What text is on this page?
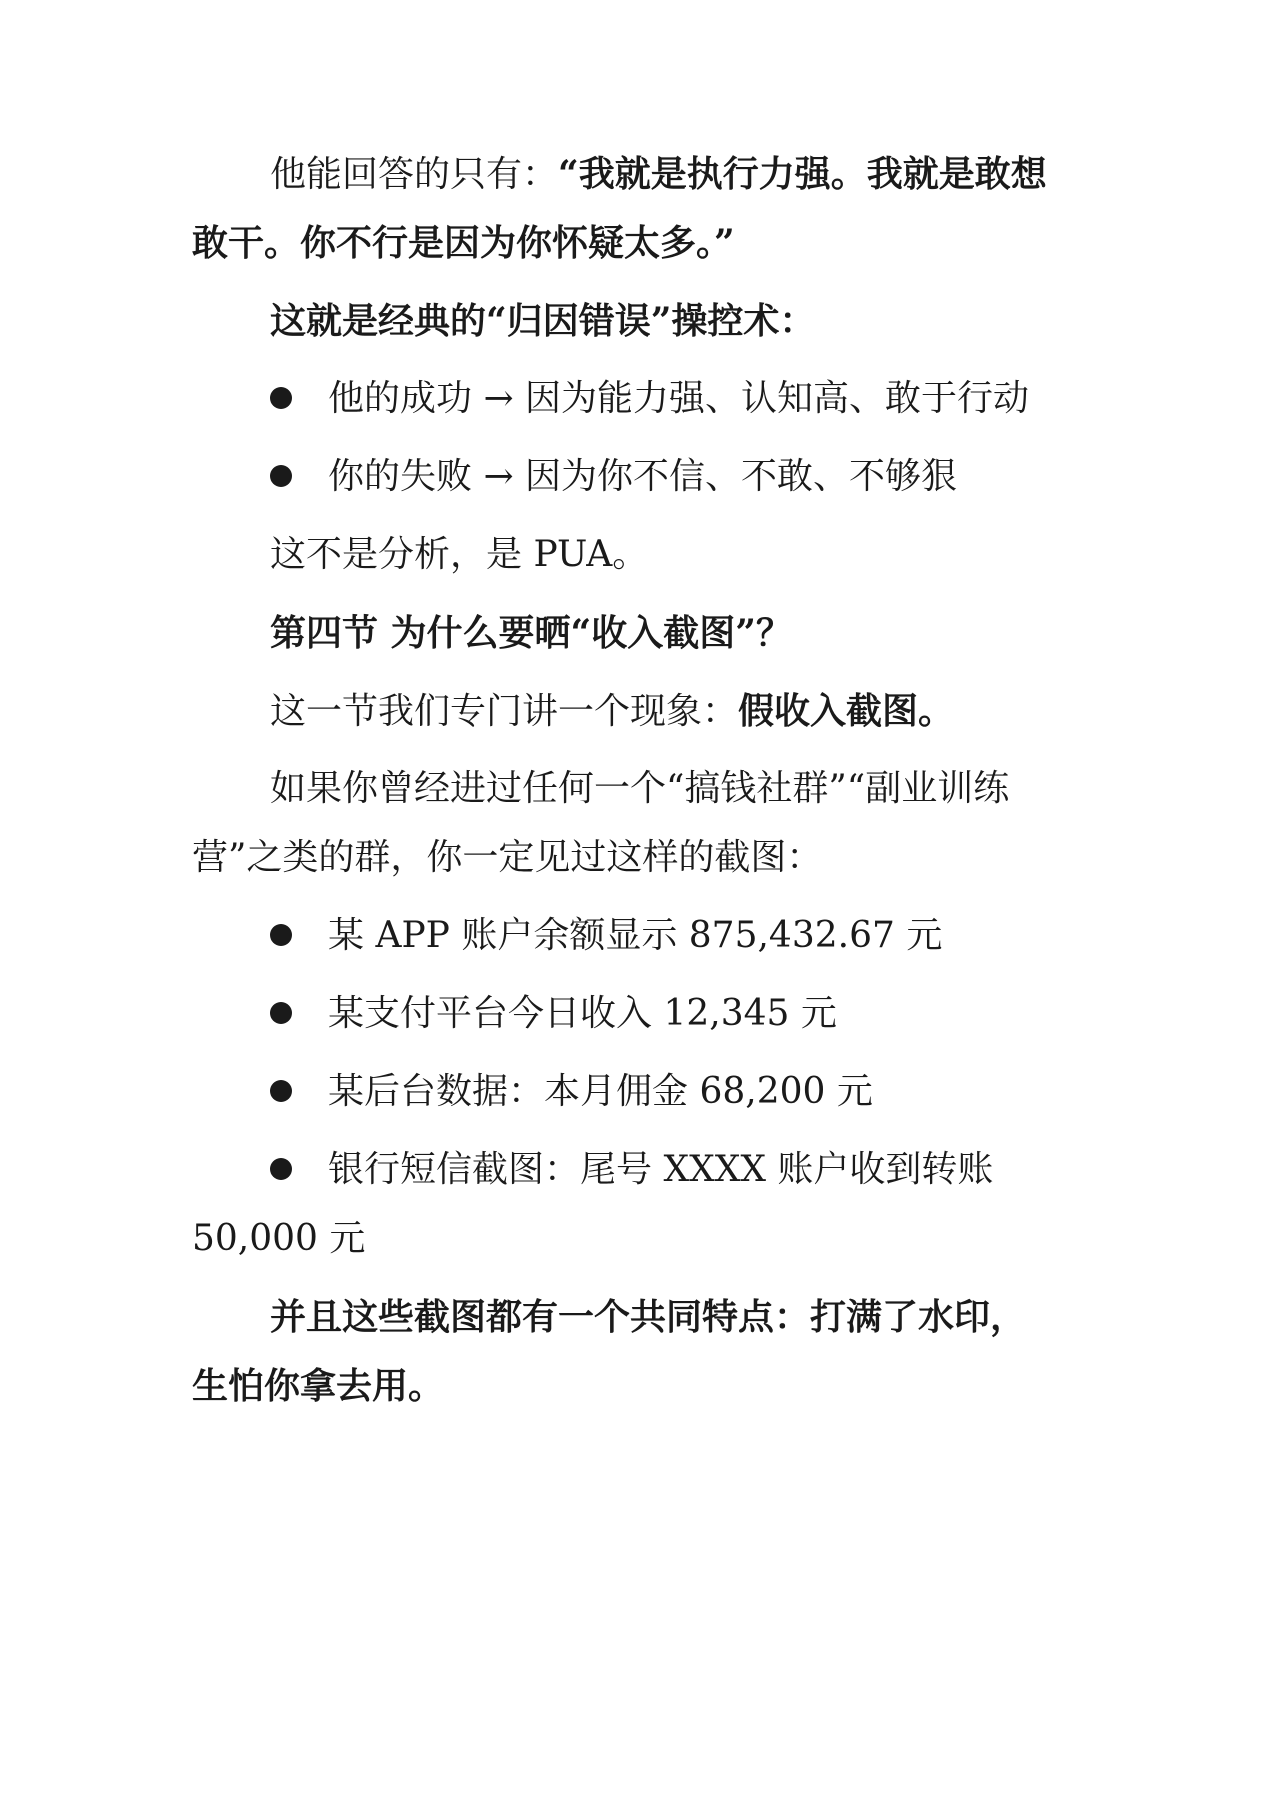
他能回答的只有：“我就是执行力强。我就是敢想
敢干。你不行是因为你怀疑太多。”
这就是经典的“归因错误”操控术：
他的成功 → 因为能力强、认知高、敢于行动
你的失败 → 因为你不信、不敢、不够狠
这不是分析，是 PUA。
第四节 为什么要晒“收入截图”？
这一节我们专门讲一个现象：假收入截图。
如果你曾经进过任何一个“搞钱社群”“副业训练
营”之类的群，你一定见过这样的截图：
某 APP 账户余额显示 875,432.67 元
某支付平台今日收入 12,345 元
某后台数据：本月佣金 68,200 元
银行短信截图：尾号 XXXX 账户收到转账
50,000 元
并且这些截图都有一个共同特点：打满了水印，
生怕你拿去用。
